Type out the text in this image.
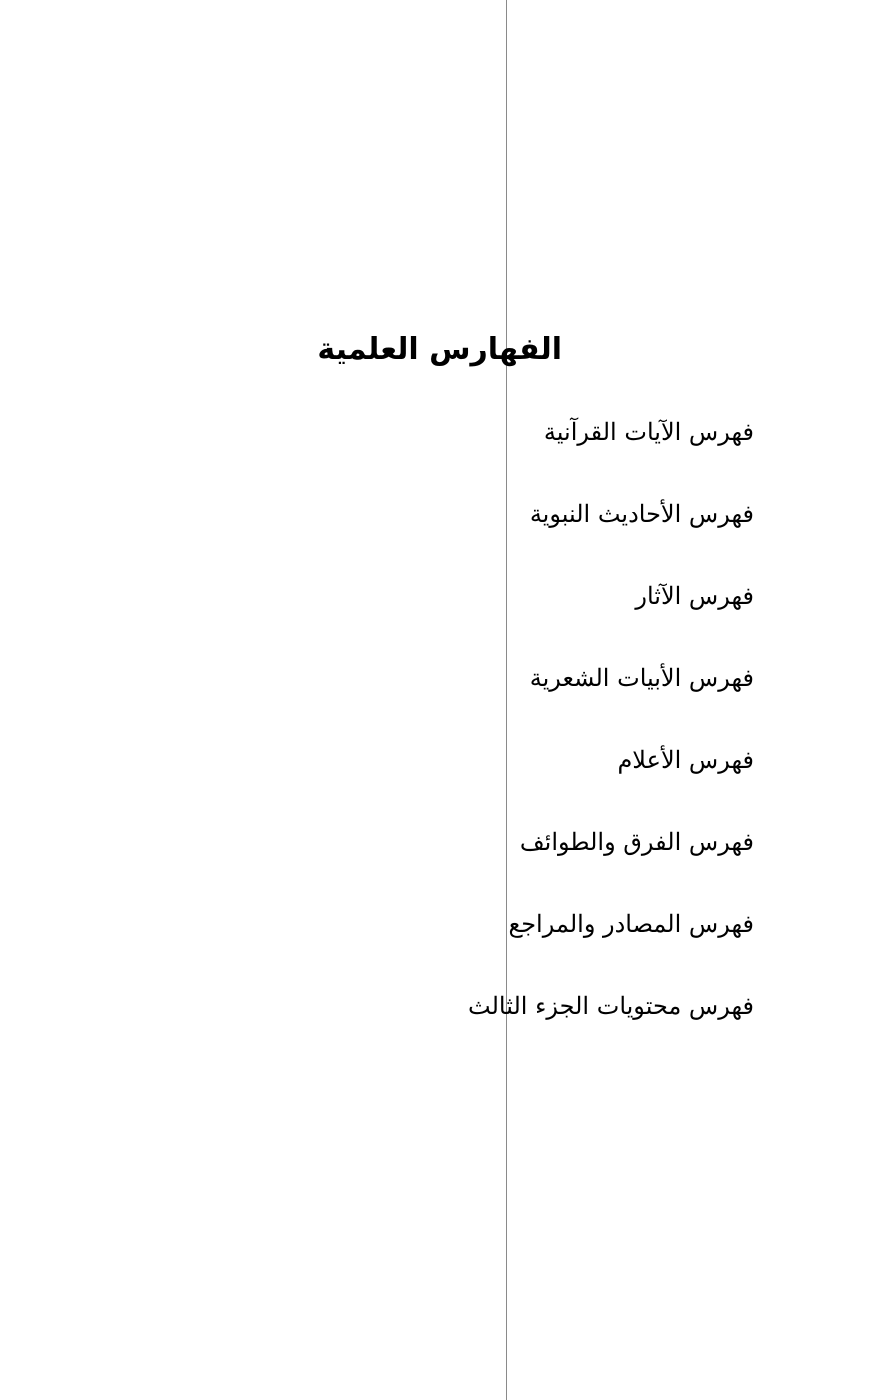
الفهارس العلمية
فهرس الآيات القرآنية
فهرس الأحاديث النبوية
فهرس الآثار
فهرس الأبيات الشعرية
فهرس الأعلام
فهرس الفرق والطوائف
فهرس المصادر والمراجع
فهرس محتويات الجزء الثالث
